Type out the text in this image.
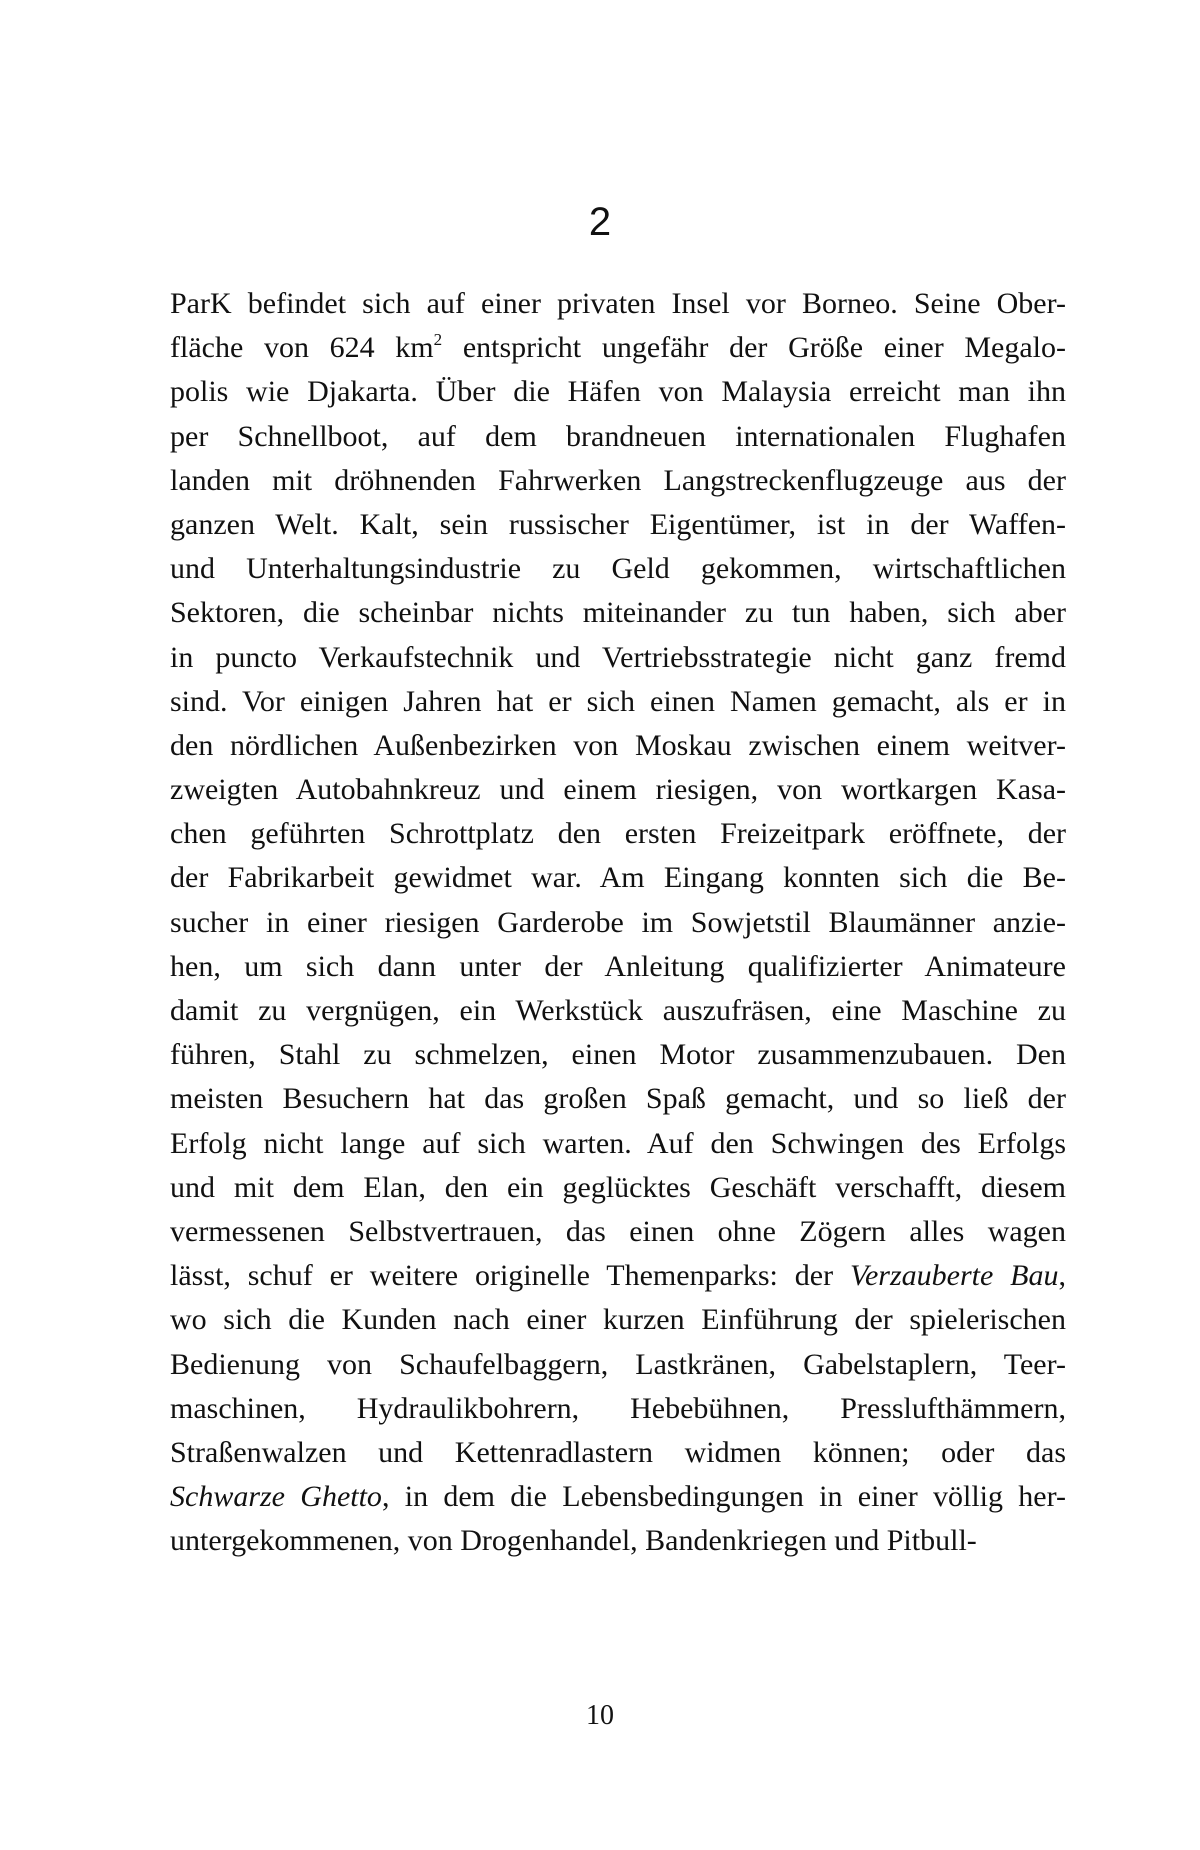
2
ParK befindet sich auf einer privaten Insel vor Borneo. Seine Ober-
fläche von 624 $km^2$ entspricht ungefähr der Größe einer Megalo-
polis wie Djakarta. Über die Häfen von Malaysia erreicht man ihn
per Schnellboot, auf dem brandneuen internationalen Flughafen
landen mit dröhnenden Fahrwerken Langstreckenflugzeuge aus der
ganzen Welt. Kalt, sein russischer Eigentümer, ist in der Waffen-
und Unterhaltungsindustrie zu Geld gekommen, wirtschaftlichen
Sektoren, die scheinbar nichts miteinander zu tun haben, sich aber
in puncto Verkaufstechnik und Vertriebsstrategie nicht ganz fremd
sind. Vor einigen Jahren hat er sich einen Namen gemacht, als er in
den nördlichen Außenbezirken von Moskau zwischen einem weitver-
zweigten Autobahnkreuz und einem riesigen, von wortkargen Kasa-
chen geführten Schrottplatz den ersten Freizeitpark eröffnete, der
der Fabrikarbeit gewidmet war. Am Eingang konnten sich die Be-
sucher in einer riesigen Garderobe im Sowjetstil Blaumänner anzie-
hen, um sich dann unter der Anleitung qualifizierter Animateure
damit zu vergnügen, ein Werkstück auszufräsen, eine Maschine zu
führen, Stahl zu schmelzen, einen Motor zusammenzubauen. Den
meisten Besuchern hat das großen Spaß gemacht, und so ließ der
Erfolg nicht lange auf sich warten. Auf den Schwingen des Erfolgs
und mit dem Elan, den ein geglücktes Geschäft verschafft, diesem
vermessenen Selbstvertrauen, das einen ohne Zögern alles wagen
lässt, schuf er weitere originelle Themenparks: der Verzauberte Bau,
wo sich die Kunden nach einer kurzen Einführung der spielerischen
Bedienung von Schaufelbaggern, Lastkränen, Gabelstaplern, Teer-
maschinen, Hydraulikbohrern, Hebebühnen, Presslufthämmern,
Straßenwalzen und Kettenradlastern widmen können; oder das
Schwarze Ghetto, in dem die Lebensbedingungen in einer völlig her-
untergekommenen, von Drogenhandel, Bandenkriegen und Pitbull-
10
